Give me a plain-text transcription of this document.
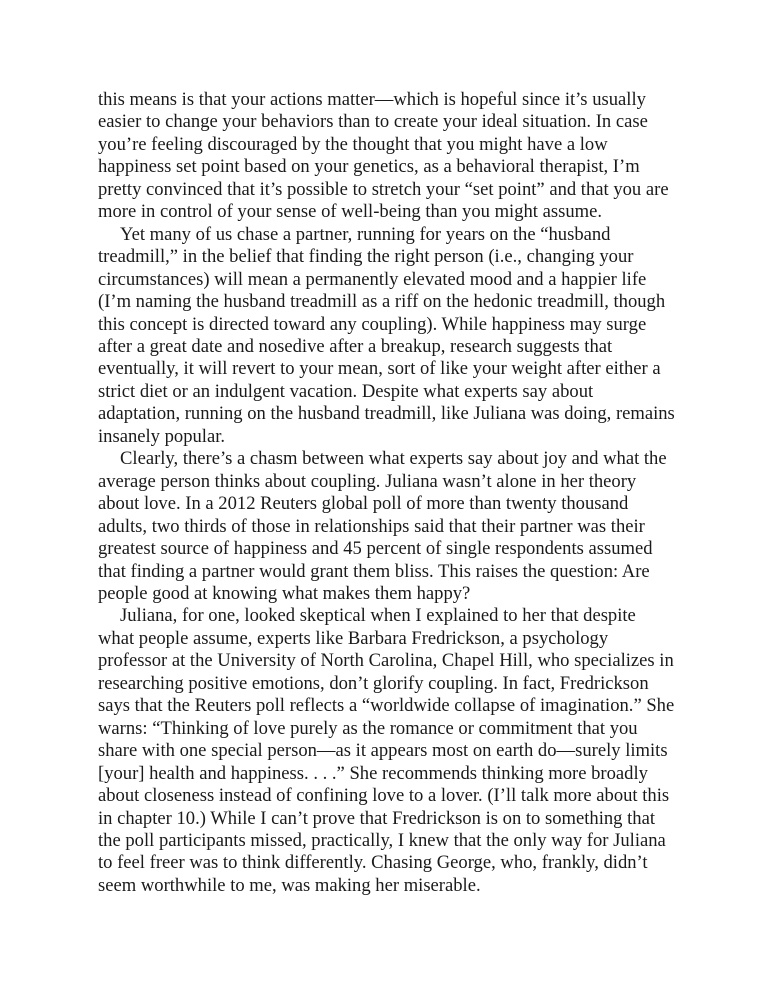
this means is that your actions matter—which is hopeful since it’s usually easier to change your behaviors than to create your ideal situation. In case you’re feeling discouraged by the thought that you might have a low happiness set point based on your genetics, as a behavioral therapist, I’m pretty convinced that it’s possible to stretch your “set point” and that you are more in control of your sense of well-being than you might assume.

Yet many of us chase a partner, running for years on the “husband treadmill,” in the belief that finding the right person (i.e., changing your circumstances) will mean a permanently elevated mood and a happier life (I’m naming the husband treadmill as a riff on the hedonic treadmill, though this concept is directed toward any coupling). While happiness may surge after a great date and nosedive after a breakup, research suggests that eventually, it will revert to your mean, sort of like your weight after either a strict diet or an indulgent vacation. Despite what experts say about adaptation, running on the husband treadmill, like Juliana was doing, remains insanely popular.

Clearly, there’s a chasm between what experts say about joy and what the average person thinks about coupling. Juliana wasn’t alone in her theory about love. In a 2012 Reuters global poll of more than twenty thousand adults, two thirds of those in relationships said that their partner was their greatest source of happiness and 45 percent of single respondents assumed that finding a partner would grant them bliss. This raises the question: Are people good at knowing what makes them happy?

Juliana, for one, looked skeptical when I explained to her that despite what people assume, experts like Barbara Fredrickson, a psychology professor at the University of North Carolina, Chapel Hill, who specializes in researching positive emotions, don’t glorify coupling. In fact, Fredrickson says that the Reuters poll reflects a “worldwide collapse of imagination.” She warns: “Thinking of love purely as the romance or commitment that you share with one special person—as it appears most on earth do—surely limits [your] health and happiness. . . .” She recommends thinking more broadly about closeness instead of confining love to a lover. (I’ll talk more about this in chapter 10.) While I can’t prove that Fredrickson is on to something that the poll participants missed, practically, I knew that the only way for Juliana to feel freer was to think differently. Chasing George, who, frankly, didn’t seem worthwhile to me, was making her miserable.
